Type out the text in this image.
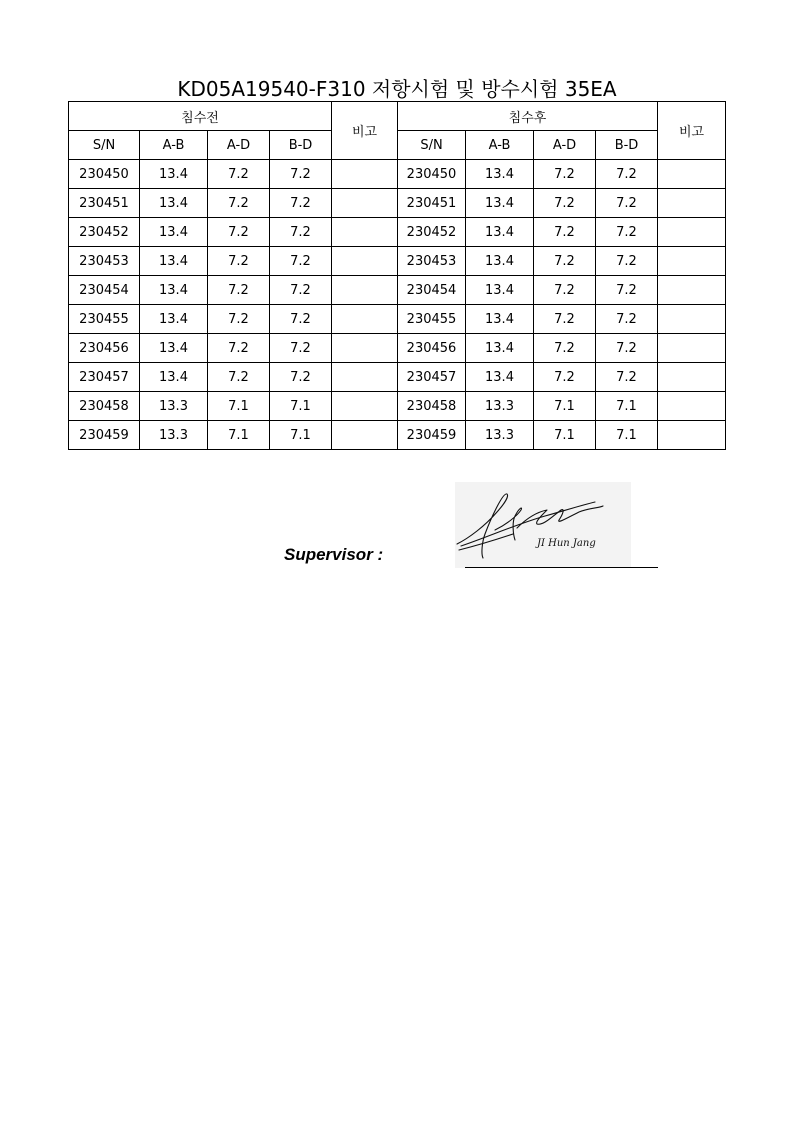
KD05A19540-F310 저항시험 및 방수시험 35EA
침수전				비고	침수후				비고
S/N	A-B	A-D	B-D		S/N	A-B	A-D	B-D	
230450	13.4	7.2	7.2		230450	13.4	7.2	7.2	
230451	13.4	7.2	7.2		230451	13.4	7.2	7.2	
230452	13.4	7.2	7.2		230452	13.4	7.2	7.2	
230453	13.4	7.2	7.2		230453	13.4	7.2	7.2	
230454	13.4	7.2	7.2		230454	13.4	7.2	7.2	
230455	13.4	7.2	7.2		230455	13.4	7.2	7.2	
230456	13.4	7.2	7.2		230456	13.4	7.2	7.2	
230457	13.4	7.2	7.2		230457	13.4	7.2	7.2	
230458	13.3	7.1	7.1		230458	13.3	7.1	7.1	
230459	13.3	7.1	7.1		230459	13.3	7.1	7.1	
Supervisor :
JI Hun Jang
